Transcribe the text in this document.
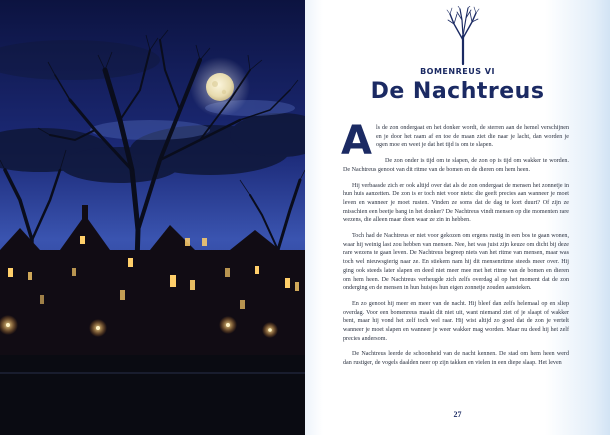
BOMENREUS VI
De Nachtreus

Als de zon ondergaat en het donker wordt, de sterren aan de hemel verschijnen en je door het raam af en toe de maan ziet die naar je lacht, dan worden je ogen moe en weet je dat het tijd is om te slapen.

De zon onder is tijd om te slapen, de zon op is tijd om wakker te worden. De Nachtreus genoot van dit ritme van de bomen en de dieren om hem heen.

Hij verbaasde zich er ook altijd over dat als de zon ondergaat de mensen het zonnetje in hun huis aanzetten. De zon is er toch niet voor niets: die geeft precies aan wanneer je moet leven en wanneer je moet rusten. Vinden ze soms dat de dag te kort duurt? Of zijn ze misschien een beetje bang in het donker? De Nachtreus vindt mensen op die momenten rare wezens, die alleen maar doen waar ze zin in hebben.

Toch had de Nachtreus er niet voor gekozen om ergens rustig in een bos te gaan wonen, waar hij weinig last zou hebben van mensen. Nee, het was juist zijn keuze om dicht bij deze rare wezens te gaan leven. De Nachtreus begreep niets van het ritme van mensen, maar was toch wel nieuwsgierig naar ze. En stiekem nam hij dit mensenritme steeds meer over. Hij ging ook steeds later slapen en deed niet meer mee met het ritme van de bomen en dieren om hem heen. De Nachtreus verheugde zich zelfs overdag al op het moment dat de zon onderging en de mensen in hun huisjes hun eigen zonnetje zouden aansteken.

En zo genoot hij meer en meer van de nacht. Hij bleef dan zelfs helemaal op en sliep overdag. Voor een bomenreus maakt dit niet uit, want niemand ziet of je slaapt of wakker bent, maar hij vond het zelf toch wel raar. Hij wist altijd zo goed dat de zon je vertelt wanneer je moet slapen en wanneer je weer wakker mag worden. Maar nu deed hij het zelf precies andersom.

De Nachtreus leerde de schoonheid van de nacht kennen. De stad om hem heen werd dan rustiger, de vogels daalden neer op zijn takken en vielen in een diepe slaap. Het leven

27
